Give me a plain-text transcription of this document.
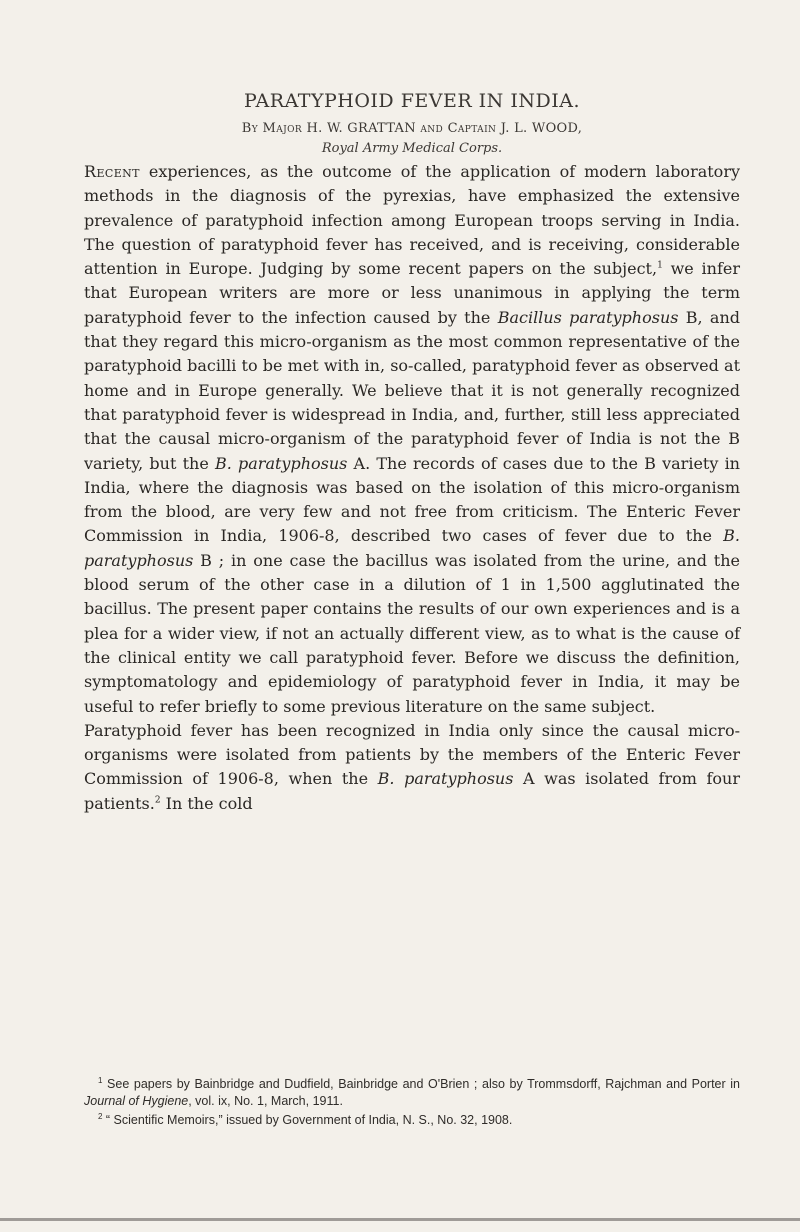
PARATYPHOID FEVER IN INDIA.
By Major H. W. GRATTAN and Captain J. L. WOOD,
Royal Army Medical Corps.

Recent experiences, as the outcome of the application of modern laboratory methods in the diagnosis of the pyrexias, have emphasized the extensive prevalence of paratyphoid infection among European troops serving in India. The question of paratyphoid fever has received, and is receiving, considerable attention in Europe. Judging by some recent papers on the subject,$^1$ we infer that European writers are more or less unanimous in applying the term paratyphoid fever to the infection caused by the Bacillus paratyphosus B, and that they regard this micro-organism as the most common representative of the paratyphoid bacilli to be met with in, so-called, paratyphoid fever as observed at home and in Europe generally. We believe that it is not generally recognized that paratyphoid fever is widespread in India, and, further, still less appreciated that the causal micro-organism of the paratyphoid fever of India is not the B variety, but the B. paratyphosus A. The records of cases due to the B variety in India, where the diagnosis was based on the isolation of this micro-organism from the blood, are very few and not free from criticism. The Enteric Fever Commission in India, 1906-8, described two cases of fever due to the B. paratyphosus B ; in one case the bacillus was isolated from the urine, and the blood serum of the other case in a dilution of 1 in 1,500 agglutinated the bacillus. The present paper contains the results of our own experiences and is a plea for a wider view, if not an actually different view, as to what is the cause of the clinical entity we call paratyphoid fever. Before we discuss the definition, symptomatology and epidemiology of paratyphoid fever in India, it may be useful to refer briefly to some previous literature on the same subject.

Paratyphoid fever has been recognized in India only since the causal micro-organisms were isolated from patients by the members of the Enteric Fever Commission of 1906-8, when the B. paratyphosus A was isolated from four patients.$^2$ In the cold

$^1$ See papers by Bainbridge and Dudfield, Bainbridge and O'Brien ; also by Trommsdorff, Rajchman and Porter in Journal of Hygiene, vol. ix, No. 1, March, 1911.

$^2$ “ Scientific Memoirs,” issued by Government of India, N. S., No. 32, 1908.
